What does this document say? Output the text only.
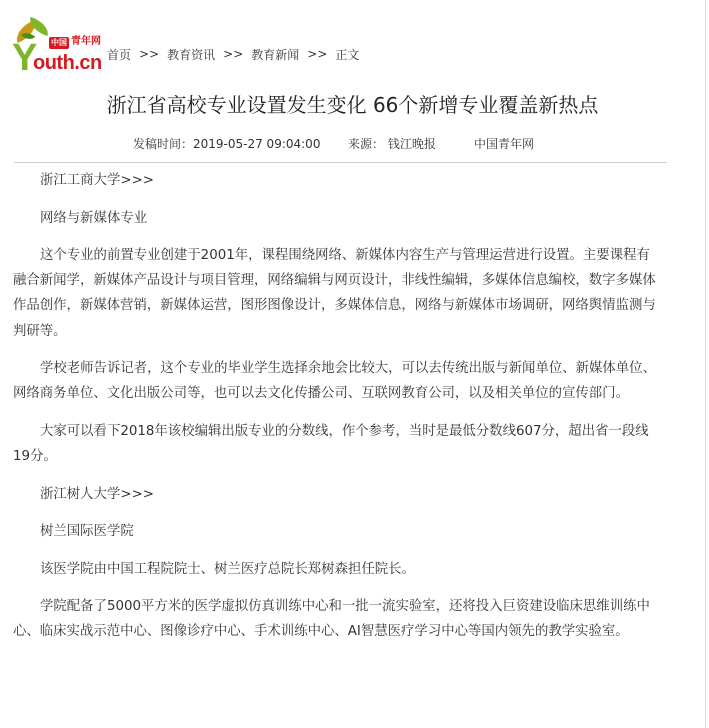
中国 青年网
Y
outh.cn 首页 >> 教育资讯 >> 教育新闻 >> 正文
浙江省高校专业设置发生变化 66个新增专业覆盖新热点
发稿时间：2019-05-27 09:04:00 来源： 钱江晚报	中国青年网

浙江工商大学>>>

网络与新媒体专业

这个专业的前置专业创建于2001年，课程围绕网络、新媒体内容生产与管理运营进行设置。主要课程有融合新闻学，新媒体产品设计与项目管理，网络编辑与网页设计，非线性编辑，多媒体信息编校，数字多媒体作品创作，新媒体营销，新媒体运营，图形图像设计，多媒体信息，网络与新媒体市场调研，网络舆情监测与判研等。

学校老师告诉记者，这个专业的毕业学生选择余地会比较大，可以去传统出版与新闻单位、新媒体单位、网络商务单位、文化出版公司等，也可以去文化传播公司、互联网教育公司，以及相关单位的宣传部门。

大家可以看下2018年该校编辑出版专业的分数线，作个参考，当时是最低分数线607分，超出省一段线19分。

浙江树人大学>>>

树兰国际医学院

该医学院由中国工程院院士、树兰医疗总院长郑树森担任院长。

学院配备了5000平方米的医学虚拟仿真训练中心和一批一流实验室，还将投入巨资建设临床思维训练中心、临床实战示范中心、图像诊疗中心、手术训练中心、AI智慧医疗学习中心等国内领先的教学实验室。
